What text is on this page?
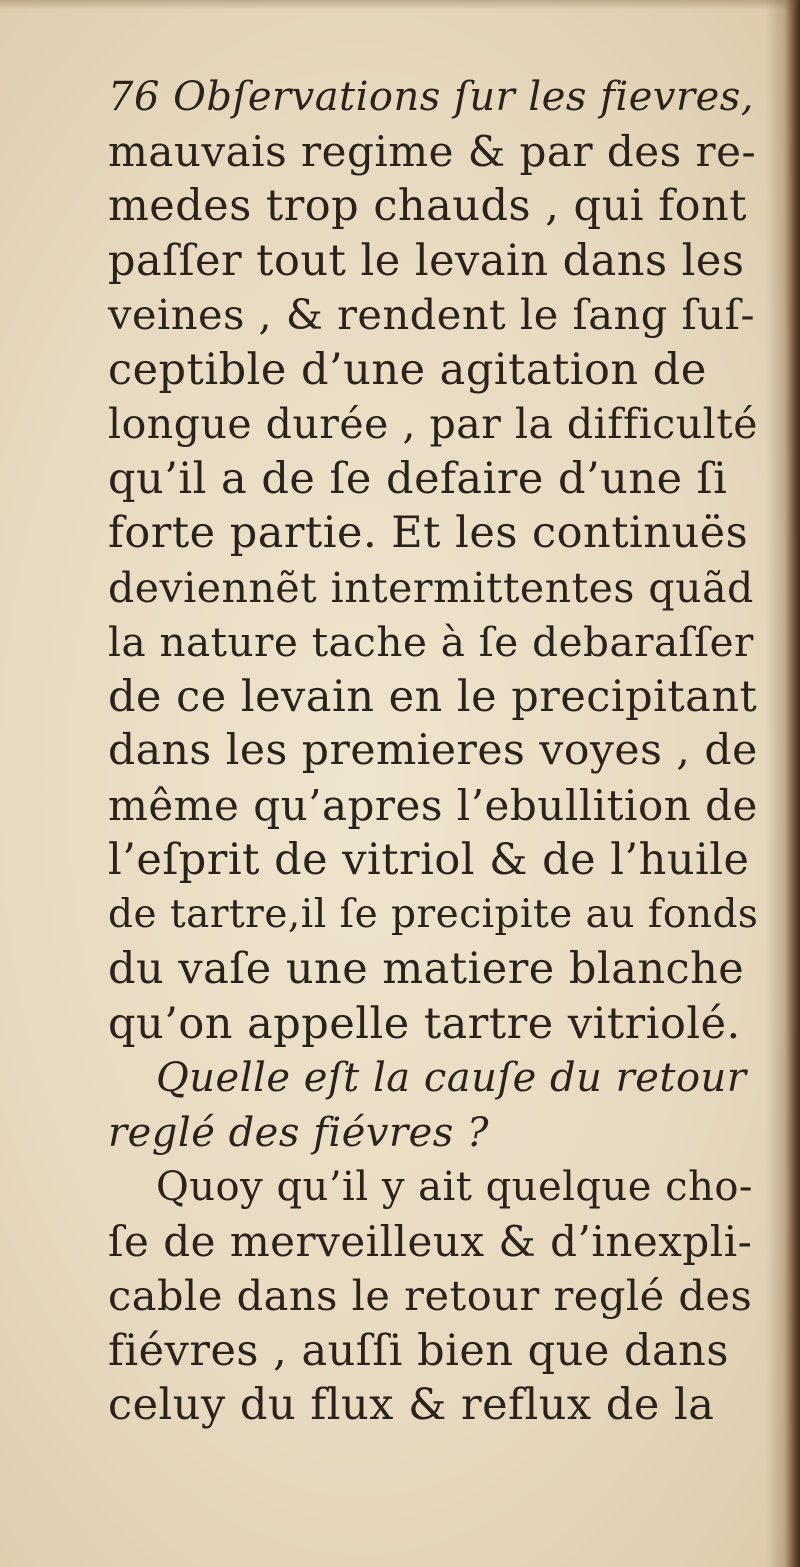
76 Obſervations ſur les fievres,
mauvais regime & par des re-
medes trop chauds , qui font
paſſer tout le levain dans les
veines , & rendent le ſang ſuſ-
ceptible d’une agitation de
longue durée , par la difficulté
qu’il a de ſe defaire d’une ſi
forte partie. Et les continuës
deviennẽt intermittentes quãd
la nature tache à ſe debaraſſer
de ce levain en le precipitant
dans les premieres voyes , de
même qu’apres l’ebullition de
l’eſprit de vitriol & de l’huile
de tartre,il ſe precipite au fonds
du vaſe une matiere blanche
qu’on appelle tartre vitriolé.
Quelle eſt la cauſe du retour
reglé des fiévres ?
Quoy qu’il y ait quelque cho-
ſe de merveilleux & d’inexpli-
cable dans le retour reglé des
fiévres , auſſi bien que dans
celuy du flux & reflux de la
